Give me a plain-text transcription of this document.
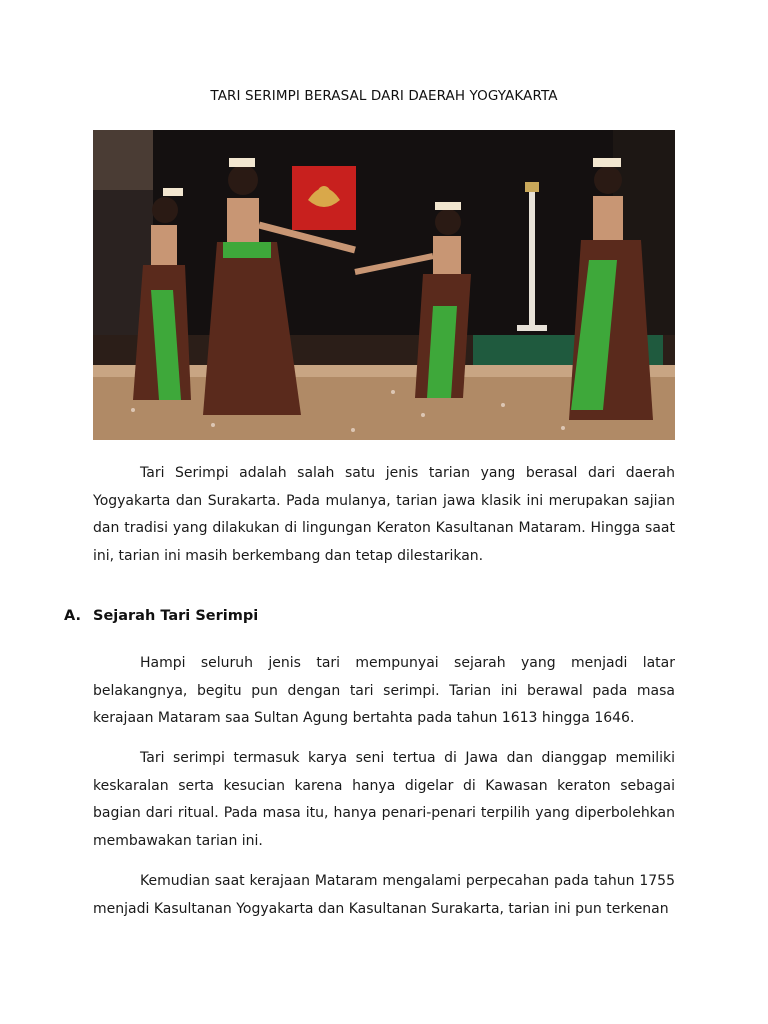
TARI SERIMPI BERASAL DARI DAERAH YOGYAKARTA

Tari Serimpi adalah salah satu jenis tarian yang berasal dari daerah Yogyakarta dan Surakarta. Pada mulanya, tarian jawa klasik ini merupakan sajian dan tradisi yang dilakukan di lingungan Keraton Kasultanan Mataram. Hingga saat ini, tarian ini masih berkembang dan tetap dilestarikan.

A. Sejarah Tari Serimpi

Hampi seluruh jenis tari mempunyai sejarah yang menjadi latar belakangnya, begitu pun dengan tari serimpi. Tarian ini berawal pada masa kerajaan Mataram saa Sultan Agung bertahta pada tahun 1613 hingga 1646.

Tari serimpi termasuk karya seni tertua di Jawa dan dianggap memiliki keskaralan serta kesucian karena hanya digelar di Kawasan keraton sebagai bagian dari ritual. Pada masa itu, hanya penari-penari terpilih yang diperbolehkan membawakan tarian ini.

Kemudian saat kerajaan Mataram mengalami perpecahan pada tahun 1755 menjadi Kasultanan Yogyakarta dan Kasultanan Surakarta, tarian ini pun terkenan
